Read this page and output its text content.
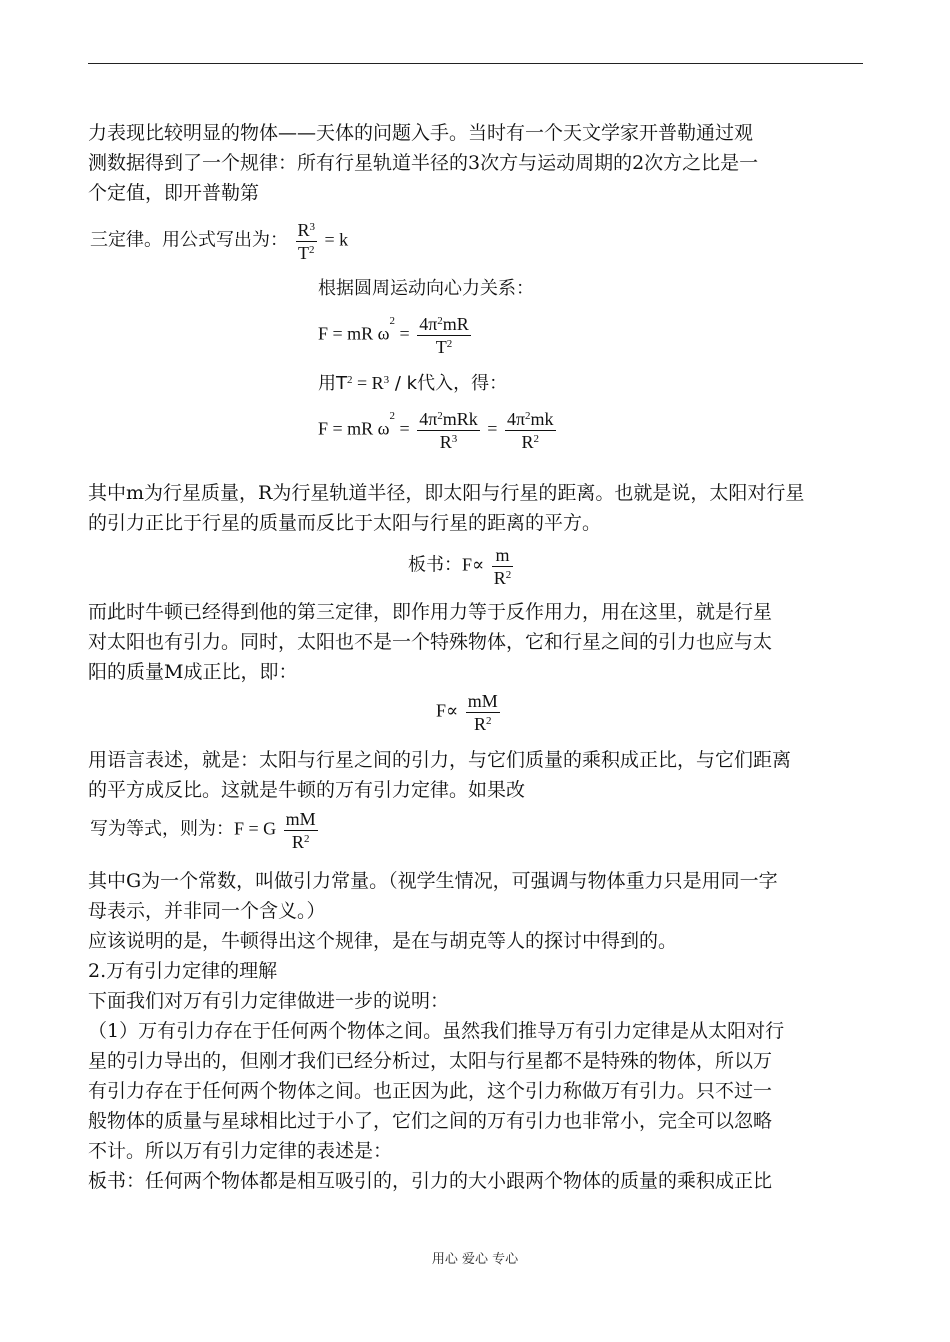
力表现比较明显的物体——天体的问题入手。当时有一个天文学家开普勒通过观
测数据得到了一个规律：所有行星轨道半径的3次方与运动周期的2次方之比是一
个定值，即开普勒第

三定律。用公式写出为： $\frac{R^3}{T^2} = k$
根据圆周运动向心力关系：
F = mR $\omega^2 = \frac{4\pi^2mR}{T^2}$
用$T^2 = R^3 / k$代入，得：
F = mR $\omega^2 = \frac{4\pi^2mRk}{R^3} = \frac{4\pi^2mk}{R^2}$

其中m为行星质量，R为行星轨道半径，即太阳与行星的距离。也就是说，太阳对行星
的引力正比于行星的质量而反比于太阳与行星的距离的平方。

板书：$F\propto \frac{m}{R^2}$

而此时牛顿已经得到他的第三定律，即作用力等于反作用力，用在这里，就是行星
对太阳也有引力。同时，太阳也不是一个特殊物体，它和行星之间的引力也应与太
阳的质量M成正比，即：

$F\propto \frac{mM}{R^2}$

用语言表述，就是：太阳与行星之间的引力，与它们质量的乘积成正比，与它们距离
的平方成反比。这就是牛顿的万有引力定律。如果改

写为等式，则为：F = G $\frac{mM}{R^2}$

其中G为一个常数，叫做引力常量。（视学生情况，可强调与物体重力只是用同一字
母表示，并非同一个含义。）
应该说明的是，牛顿得出这个规律，是在与胡克等人的探讨中得到的。
2.万有引力定律的理解
下面我们对万有引力定律做进一步的说明：
（1）万有引力存在于任何两个物体之间。虽然我们推导万有引力定律是从太阳对行
星的引力导出的，但刚才我们已经分析过，太阳与行星都不是特殊的物体，所以万
有引力存在于任何两个物体之间。也正因为此，这个引力称做万有引力。只不过一
般物体的质量与星球相比过于小了，它们之间的万有引力也非常小，完全可以忽略
不计。所以万有引力定律的表述是：
板书：任何两个物体都是相互吸引的，引力的大小跟两个物体的质量的乘积成正比

用心 爱心 专心
